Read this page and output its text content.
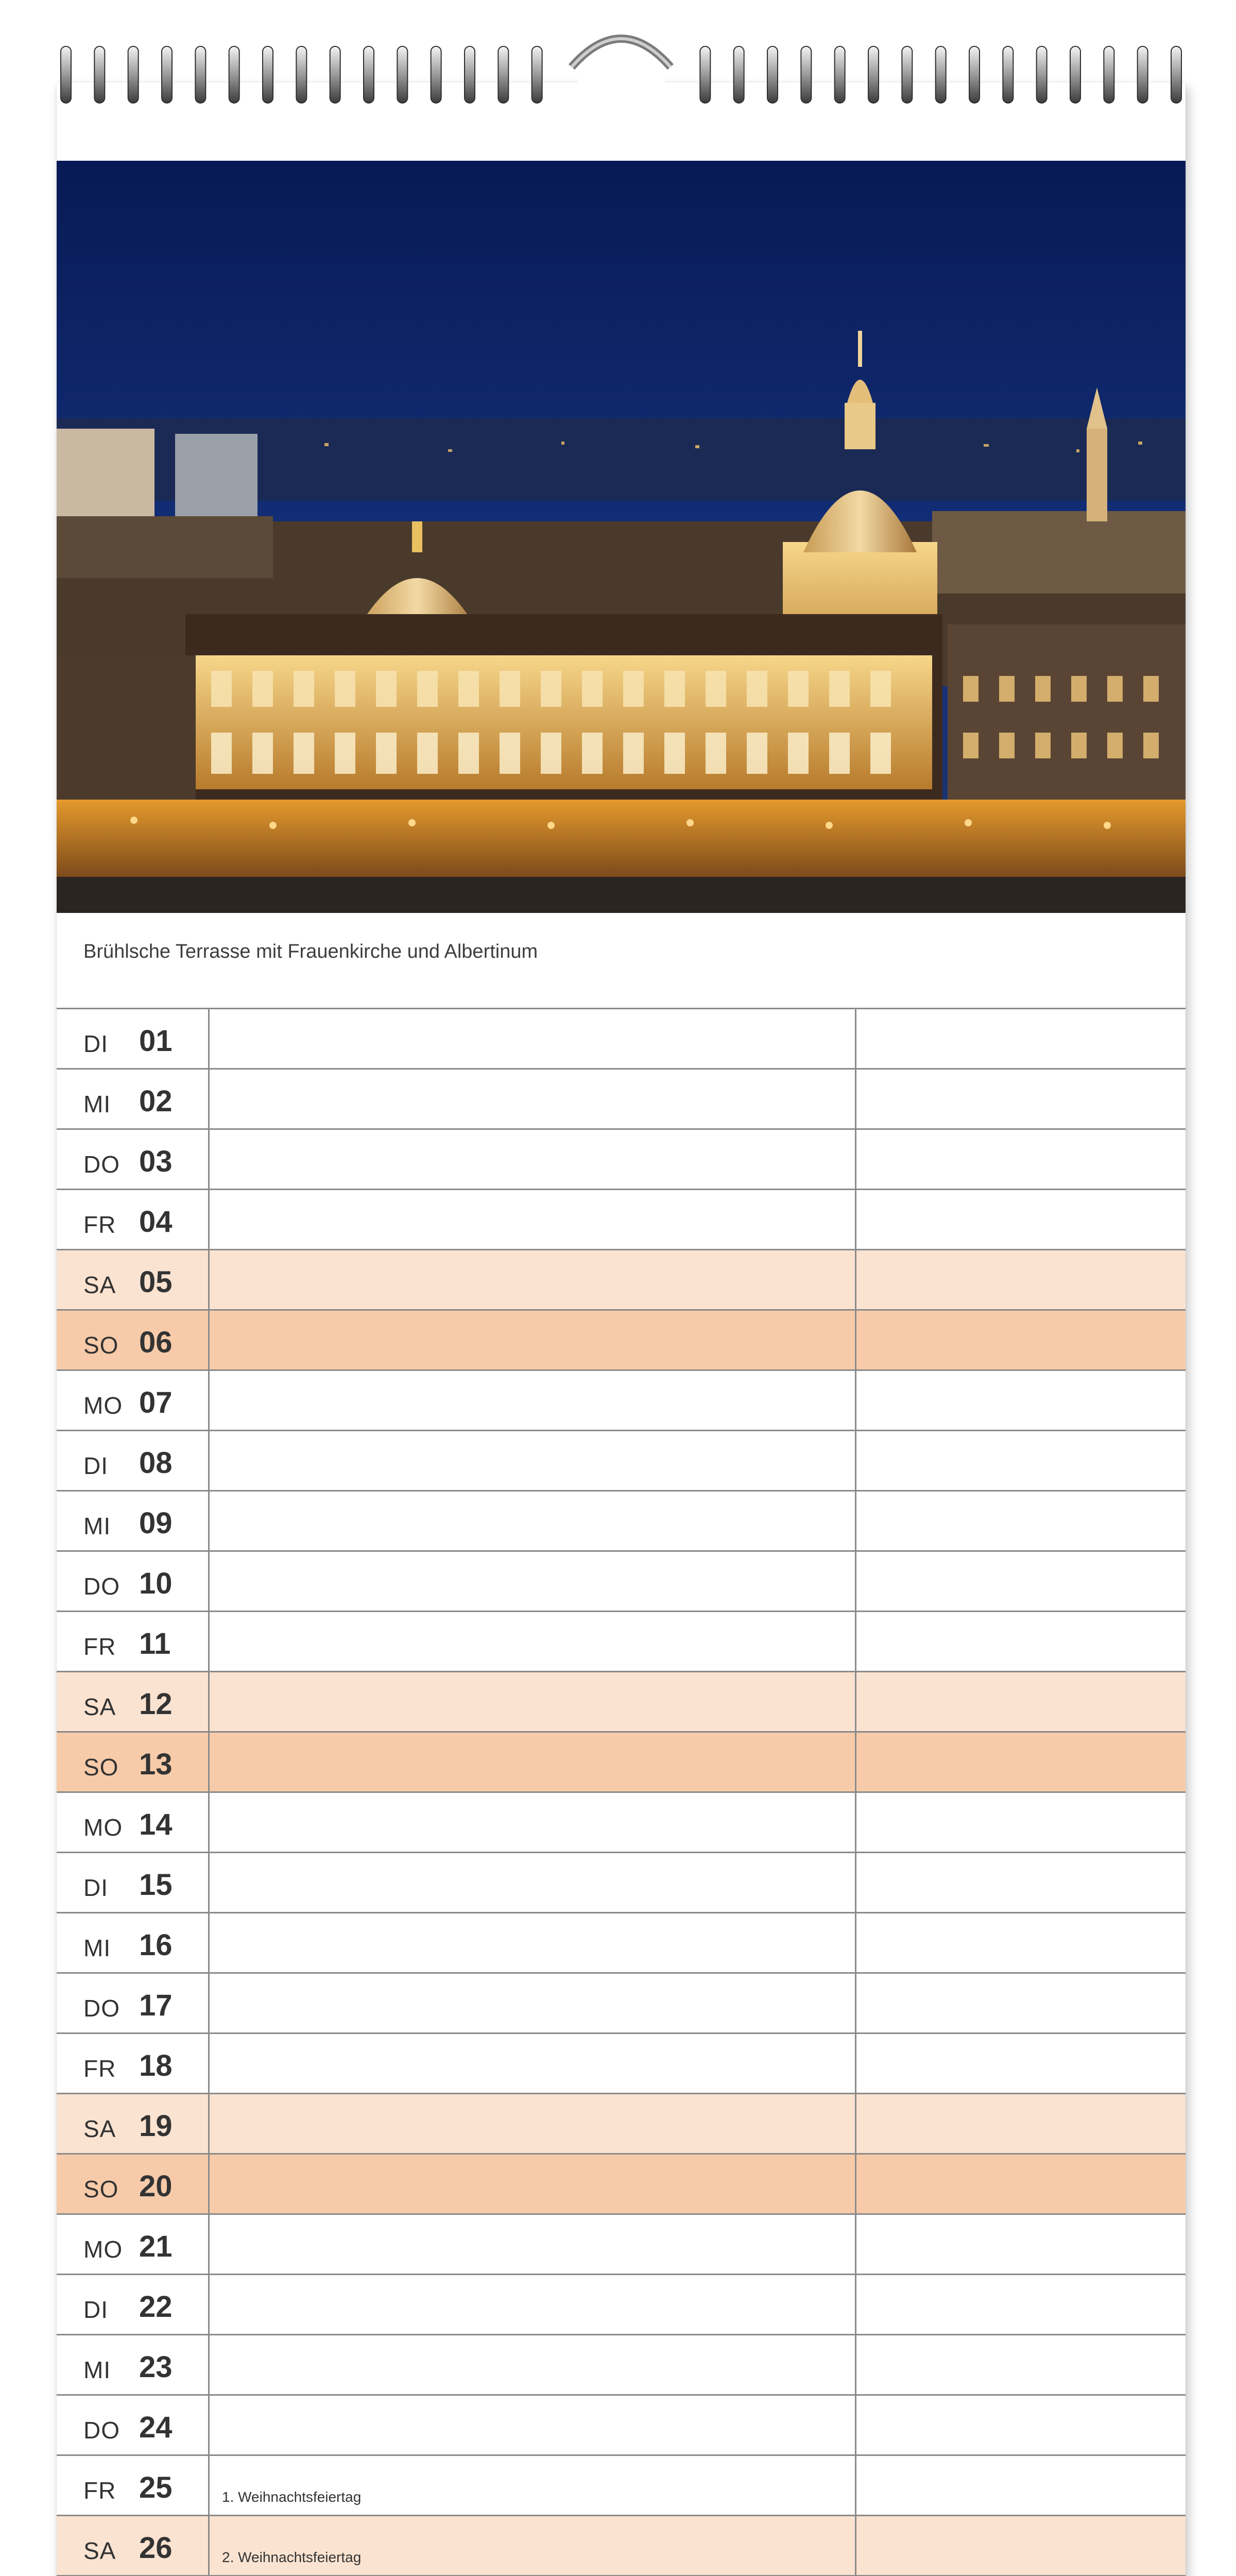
Brühlsche Terrasse mit Frauenkirche und Albertinum
DI 01
MI 02
DO 03
FR 04
SA 05
SO 06
MO 07
DI 08
MI 09
DO 10
FR 11
SA 12
SO 13
MO 14
DI 15
MI 16
DO 17
FR 18
SA 19
SO 20
MO 21
DI 22
MI 23
DO 24
FR 25	1. Weihnachtsfeiertag
SA 26	2. Weihnachtsfeiertag
